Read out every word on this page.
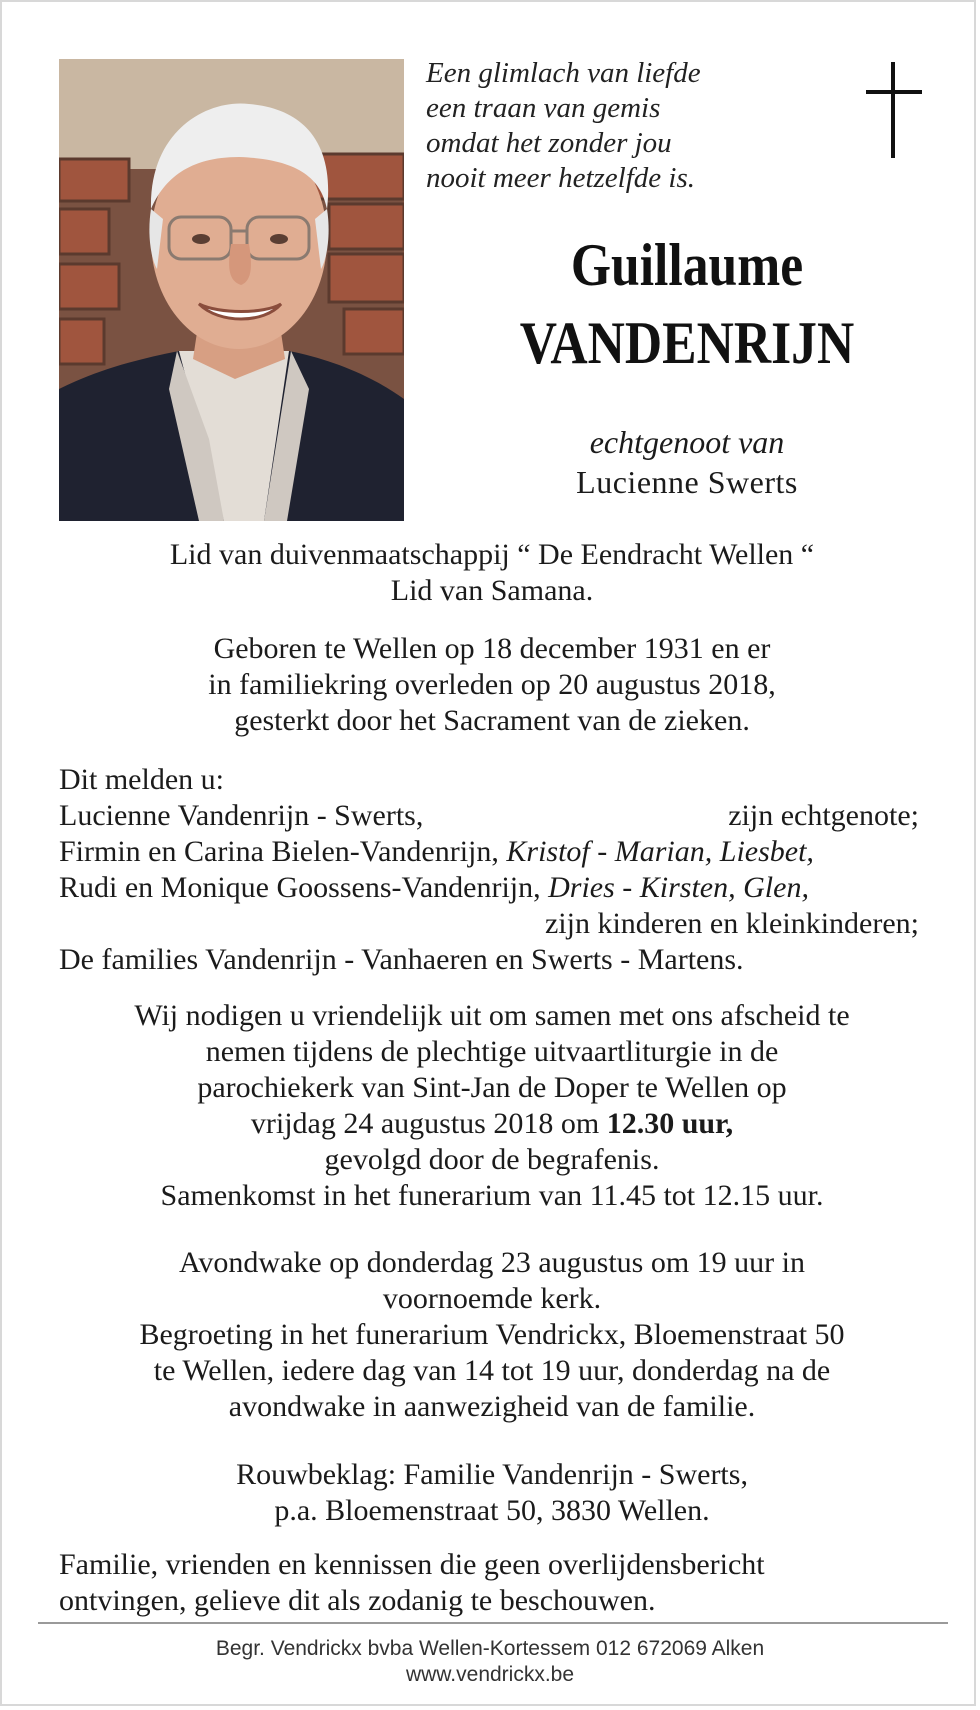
Een glimlach van liefde
een traan van gemis
omdat het zonder jou
nooit meer hetzelfde is.
Guillaume
VANDENRIJN
echtgenoot van
Lucienne Swerts
Lid van duivenmaatschappij “ De Eendracht Wellen “
Lid van Samana.
Geboren te Wellen op 18 december 1931 en er
in familiekring overleden op 20 augustus 2018,
gesterkt door het Sacrament van de zieken.
Dit melden u:
Lucienne Vandenrijn - Swerts,	zijn echtgenote;
Firmin en Carina Bielen-Vandenrijn, Kristof - Marian, Liesbet,
Rudi en Monique Goossens-Vandenrijn, Dries - Kirsten, Glen,
zijn kinderen en kleinkinderen;
De families Vandenrijn - Vanhaeren en Swerts - Martens.
Wij nodigen u vriendelijk uit om samen met ons afscheid te
nemen tijdens de plechtige uitvaartliturgie in de
parochiekerk van Sint-Jan de Doper te Wellen op
vrijdag 24 augustus 2018 om 12.30 uur,
gevolgd door de begrafenis.
Samenkomst in het funerarium van 11.45 tot 12.15 uur.
Avondwake op donderdag 23 augustus om 19 uur in
voornoemde kerk.
Begroeting in het funerarium Vendrickx, Bloemenstraat 50
te Wellen, iedere dag van 14 tot 19 uur, donderdag na de
avondwake in aanwezigheid van de familie.
Rouwbeklag: Familie Vandenrijn - Swerts,
p.a. Bloemenstraat 50, 3830 Wellen.
Familie, vrienden en kennissen die geen overlijdensbericht
ontvingen, gelieve dit als zodanig te beschouwen.
Begr. Vendrickx bvba Wellen-Kortessem 012 672069 Alken
www.vendrickx.be
